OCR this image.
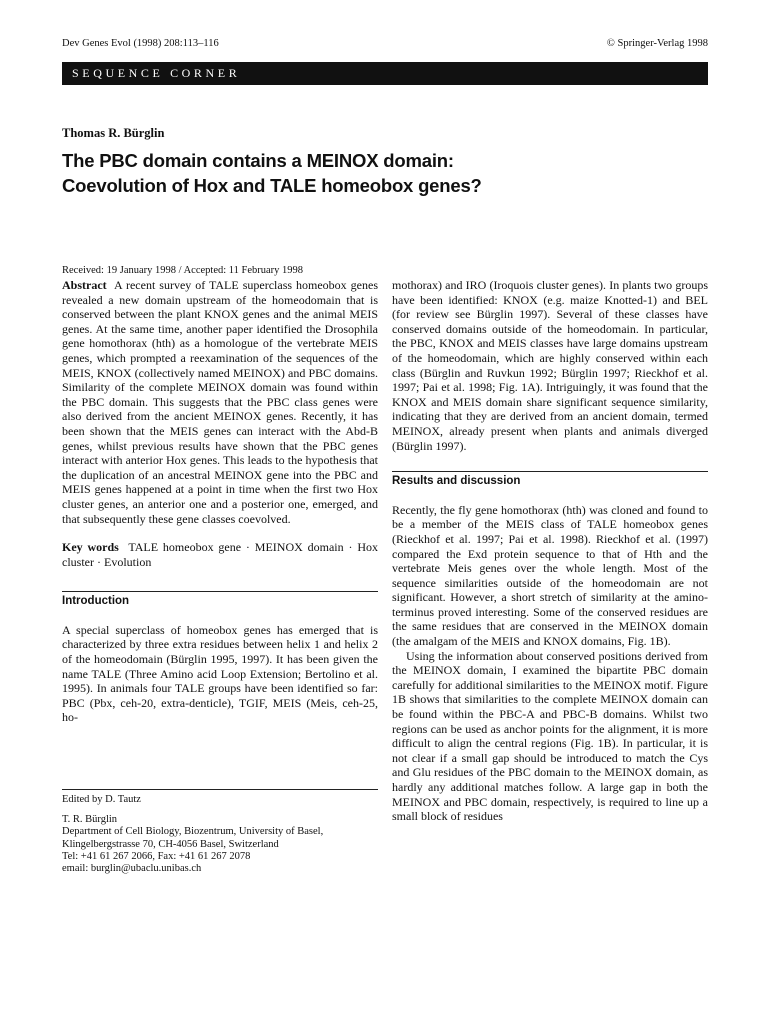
Dev Genes Evol (1998) 208:113–116	© Springer-Verlag 1998
SEQUENCE CORNER
Thomas R. Bürglin
The PBC domain contains a MEINOX domain:
Coevolution of Hox and TALE homeobox genes?
Received: 19 January 1998 / Accepted: 11 February 1998

Abstract A recent survey of TALE superclass homeobox genes revealed a new domain upstream of the homeodomain that is conserved between the plant KNOX genes and the animal MEIS genes. At the same time, another paper identified the Drosophila gene homothorax (hth) as a homologue of the vertebrate MEIS genes, which prompted a reexamination of the sequences of the MEIS, KNOX (collectively named MEINOX) and PBC domains. Similarity of the complete MEINOX domain was found within the PBC domain. This suggests that the PBC class genes were also derived from the ancient MEINOX genes. Recently, it has been shown that the MEIS genes can interact with the Abd-B genes, whilst previous results have shown that the PBC genes interact with anterior Hox genes. This leads to the hypothesis that the duplication of an ancestral MEINOX gene into the PBC and MEIS genes happened at a point in time when the first two Hox cluster genes, an anterior one and a posterior one, emerged, and that subsequently these gene classes coevolved.

Key words TALE homeobox gene · MEINOX domain · Hox cluster · Evolution

Introduction

A special superclass of homeobox genes has emerged that is characterized by three extra residues between helix 1 and helix 2 of the homeodomain (Bürglin 1995, 1997). It has been given the name TALE (Three Amino acid Loop Extension; Bertolino et al. 1995). In animals four TALE groups have been identified so far: PBC (Pbx, ceh-20, extra-denticle), TGIF, MEIS (Meis, ceh-25, ho-

Edited by D. Tautz
T. R. Bürglin
Department of Cell Biology, Biozentrum, University of Basel,
Klingelbergstrasse 70, CH-4056 Basel, Switzerland
Tel: +41 61 267 2066, Fax: +41 61 267 2078
email: burglin@ubaclu.unibas.ch

mothorax) and IRO (Iroquois cluster genes). In plants two groups have been identified: KNOX (e.g. maize Knotted-1) and BEL (for review see Bürglin 1997). Several of these classes have conserved domains outside of the homeodomain. In particular, the PBC, KNOX and MEIS classes have large domains upstream of the homeodomain, which are highly conserved within each class (Bürglin and Ruvkun 1992; Bürglin 1997; Rieckhof et al. 1997; Pai et al. 1998; Fig. 1A). Intriguingly, it was found that the KNOX and MEIS domain share significant sequence similarity, indicating that they are derived from an ancient domain, termed MEINOX, already present when plants and animals diverged (Bürglin 1997).

Results and discussion

Recently, the fly gene homothorax (hth) was cloned and found to be a member of the MEIS class of TALE homeobox genes (Rieckhof et al. 1997; Pai et al. 1998). Rieckhof et al. (1997) compared the Exd protein sequence to that of Hth and the vertebrate Meis genes over the whole length. Most of the sequence similarities outside of the homeodomain are not significant. However, a short stretch of similarity at the amino-terminus proved interesting. Some of the conserved residues are the same residues that are conserved in the MEINOX domain (the amalgam of the MEIS and KNOX domains, Fig. 1B).

Using the information about conserved positions derived from the MEINOX domain, I examined the bipartite PBC domain carefully for additional similarities to the MEINOX motif. Figure 1B shows that similarities to the complete MEINOX domain can be found within the PBC-A and PBC-B domains. Whilst two regions can be used as anchor points for the alignment, it is more difficult to align the central regions (Fig. 1B). In particular, it is not clear if a small gap should be introduced to match the Cys and Glu residues of the PBC domain to the MEINOX domain, as hardly any additional matches follow. A large gap in both the MEINOX and PBC domain, respectively, is required to line up a small block of residues
